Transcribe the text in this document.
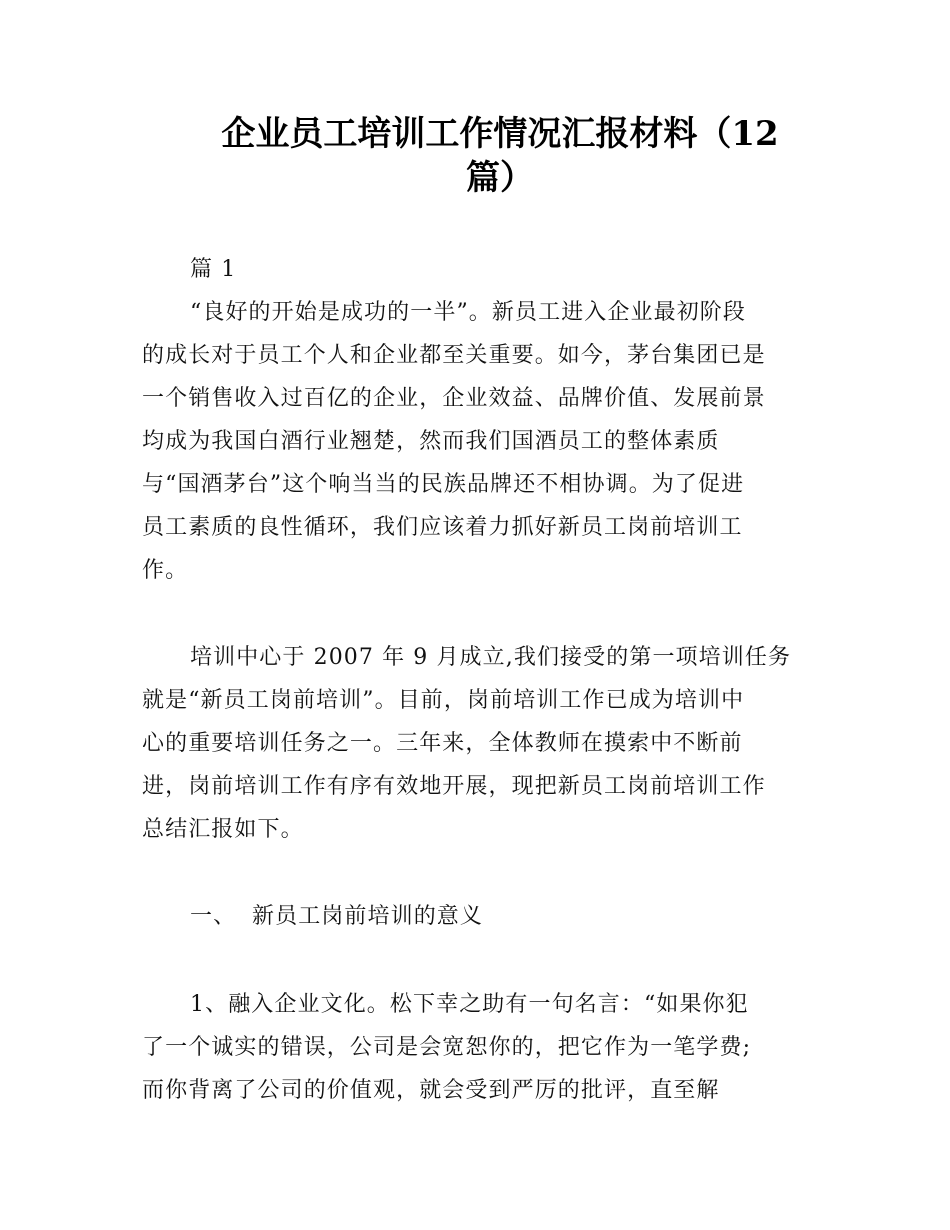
企业员工培训工作情况汇报材料（12
篇）
篇 1
“良好的开始是成功的一半”。新员工进入企业最初阶段
的成长对于员工个人和企业都至关重要。如今，茅台集团已是
一个销售收入过百亿的企业，企业效益、品牌价值、发展前景
均成为我国白酒行业翘楚，然而我们国酒员工的整体素质
与“国酒茅台”这个响当当的民族品牌还不相协调。为了促进
员工素质的良性循环，我们应该着力抓好新员工岗前培训工
作。
培训中心于 2007 年 9 月成立,我们接受的第一项培训任务
就是“新员工岗前培训”。目前，岗前培训工作已成为培训中
心的重要培训任务之一。三年来，全体教师在摸索中不断前
进，岗前培训工作有序有效地开展，现把新员工岗前培训工作
总结汇报如下。
一、 新员工岗前培训的意义
1、融入企业文化。松下幸之助有一句名言：“如果你犯
了一个诚实的错误，公司是会宽恕你的，把它作为一笔学费;
而你背离了公司的价值观，就会受到严厉的批评，直至解
